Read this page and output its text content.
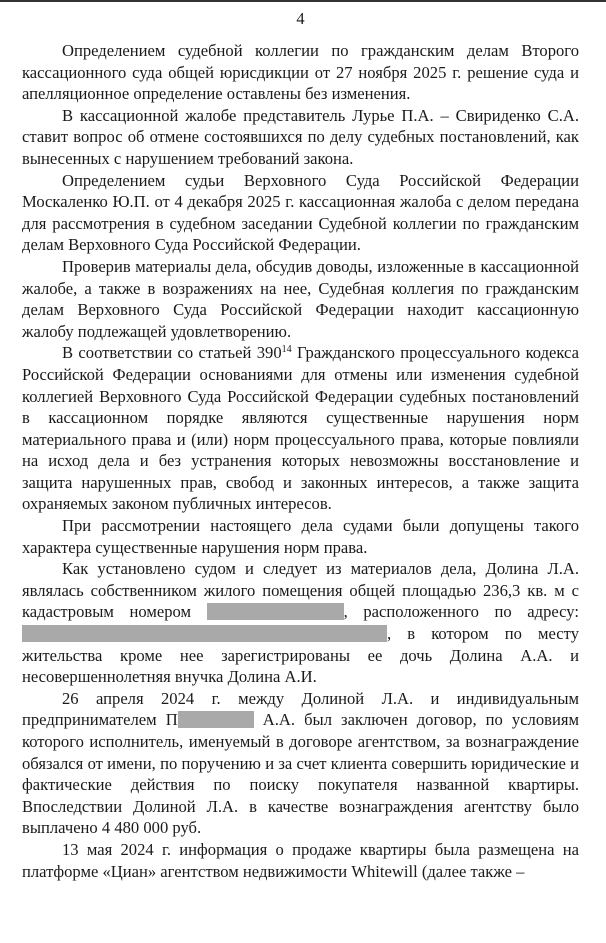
4

Определением судебной коллегии по гражданским делам Второго кассационного суда общей юрисдикции от 27 ноября 2025 г. решение суда и апелляционное определение оставлены без изменения.

В кассационной жалобе представитель Лурье П.А. – Свириденко С.А. ставит вопрос об отмене состоявшихся по делу судебных постановлений, как вынесенных с нарушением требований закона.

Определением судьи Верховного Суда Российской Федерации Москаленко Ю.П. от 4 декабря 2025 г. кассационная жалоба с делом передана для рассмотрения в судебном заседании Судебной коллегии по гражданским делам Верховного Суда Российской Федерации.

Проверив материалы дела, обсудив доводы, изложенные в кассационной жалобе, а также в возражениях на нее, Судебная коллегия по гражданским делам Верховного Суда Российской Федерации находит кассационную жалобу подлежащей удовлетворению.

В соответствии со статьей $390^{14}$ Гражданского процессуального кодекса Российской Федерации основаниями для отмены или изменения судебной коллегией Верховного Суда Российской Федерации судебных постановлений в кассационном порядке являются существенные нарушения норм материального права и (или) норм процессуального права, которые повлияли на исход дела и без устранения которых невозможны восстановление и защита нарушенных прав, свобод и законных интересов, а также защита охраняемых законом публичных интересов.

При рассмотрении настоящего дела судами были допущены такого характера существенные нарушения норм права.

Как установлено судом и следует из материалов дела, Долина Л.А. являлась собственником жилого помещения общей площадью 236,3 кв. м с кадастровым номером	, расположенного по адресу: , в котором по месту жительства кроме нее зарегистрированы ее дочь Долина А.А. и несовершеннолетняя внучка Долина А.И.

26 апреля 2024 г. между Долиной Л.А. и индивидуальным предпринимателем П	А.А. был заключен договор, по условиям которого исполнитель, именуемый в договоре агентством, за вознаграждение обязался от имени, по поручению и за счет клиента совершить юридические и фактические действия по поиску покупателя названной квартиры. Впоследствии Долиной Л.А. в качестве вознаграждения агентству было выплачено 4 480 000 руб.

13 мая 2024 г. информация о продаже квартиры была размещена на платформе «Циан» агентством недвижимости Whitewill (далее также –
